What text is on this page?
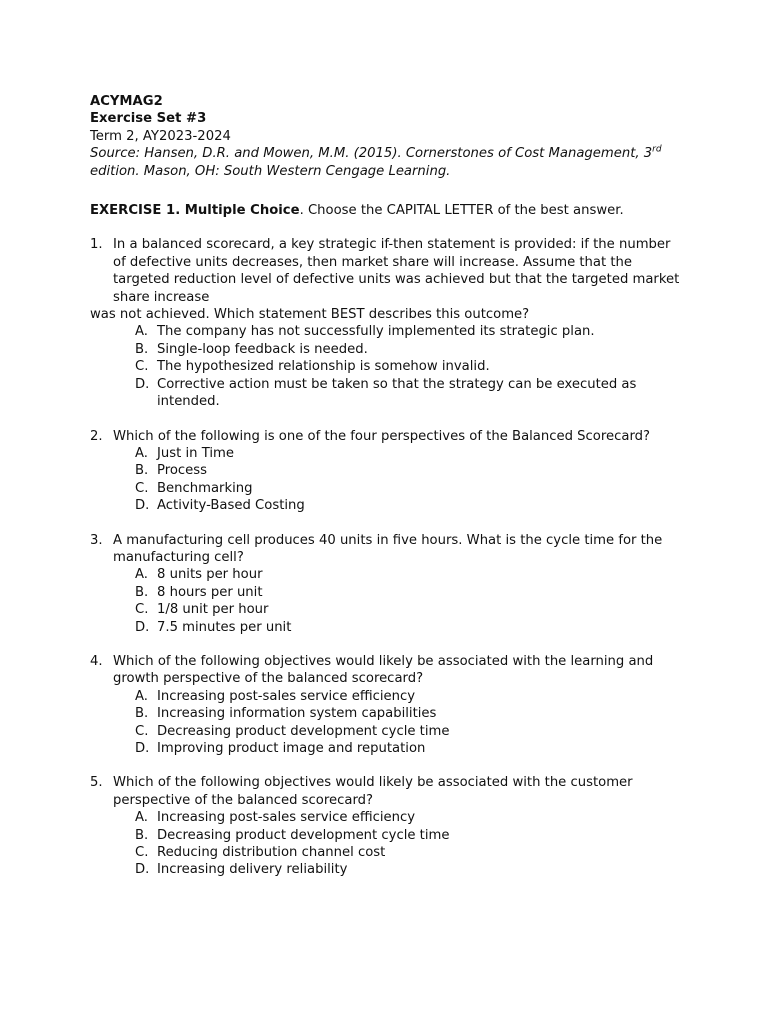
ACYMAG2
Exercise Set #3
Term 2, AY2023-2024
Source: Hansen, D.R. and Mowen, M.M. (2015). Cornerstones of Cost Management, 3rd edition. Mason, OH: South Western Cengage Learning.
EXERCISE 1. Multiple Choice. Choose the CAPITAL LETTER of the best answer.
1. In a balanced scorecard, a key strategic if-then statement is provided: if the number of defective units decreases, then market share will increase. Assume that the targeted reduction level of defective units was achieved but that the targeted market share increase

was not achieved. Which statement BEST describes this outcome?

A. The company has not successfully implemented its strategic plan.
B. Single-loop feedback is needed.
C. The hypothesized relationship is somehow invalid.
D. Corrective action must be taken so that the strategy can be executed as intended.
2. Which of the following is one of the four perspectives of the Balanced Scorecard?

A. Just in Time
B. Process
C. Benchmarking
D. Activity-Based Costing
3. A manufacturing cell produces 40 units in five hours. What is the cycle time for the manufacturing cell?

A. 8 units per hour
B. 8 hours per unit
C. 1/8 unit per hour
D. 7.5 minutes per unit
4. Which of the following objectives would likely be associated with the learning and growth perspective of the balanced scorecard?

A. Increasing post-sales service efficiency
B. Increasing information system capabilities
C. Decreasing product development cycle time
D. Improving product image and reputation
5. Which of the following objectives would likely be associated with the customer perspective of the balanced scorecard?

A. Increasing post-sales service efficiency
B. Decreasing product development cycle time
C. Reducing distribution channel cost
D. Increasing delivery reliability
